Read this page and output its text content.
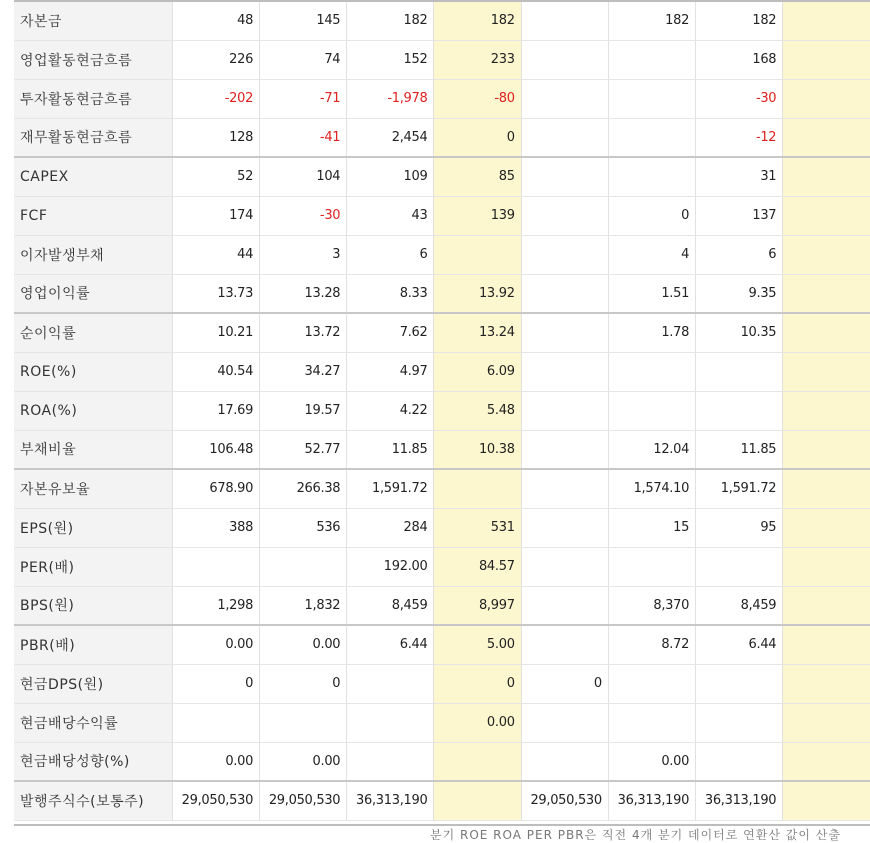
자본금	48	145	182	182		182	182	
영업활동현금흐름	226	74	152	233			168	
투자활동현금흐름	-202	-71	-1,978	-80			-30	
재무활동현금흐름	128	-41	2,454	0			-12	
CAPEX	52	104	109	85			31	
FCF	174	-30	43	139		0	137	
이자발생부채	44	3	6			4	6	
영업이익률	13.73	13.28	8.33	13.92		1.51	9.35	
순이익률	10.21	13.72	7.62	13.24		1.78	10.35	
ROE(%)	40.54	34.27	4.97	6.09				
ROA(%)	17.69	19.57	4.22	5.48				
부채비율	106.48	52.77	11.85	10.38		12.04	11.85	
자본유보율	678.90	266.38	1,591.72			1,574.10	1,591.72	
EPS(원)	388	536	284	531		15	95	
PER(배)			192.00	84.57				
BPS(원)	1,298	1,832	8,459	8,997		8,370	8,459	
PBR(배)	0.00	0.00	6.44	5.00		8.72	6.44	
현금DPS(원)	0	0		0	0			
현금배당수익률				0.00				
현금배당성향(%)	0.00	0.00				0.00		
발행주식수(보통주)	29,050,530	29,050,530	36,313,190		29,050,530	36,313,190	36,313,190	
분기 ROE ROA PER PBR은 직전 4개 분기 데이터로 연환산 값이 산출
